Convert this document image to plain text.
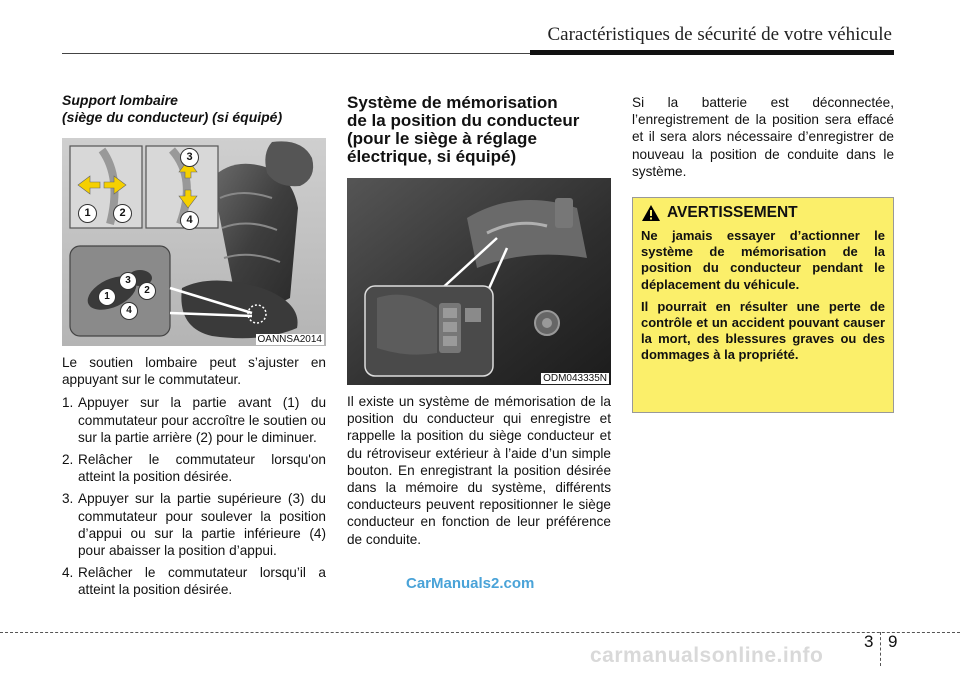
Caractéristiques de sécurité de votre véhicule
Support lombaire
(siège du conducteur) (si équipé)
1	2
3
4
1
2
3
4
OANNSA2014

Le soutien lombaire peut s’ajuster en appuyant sur le commutateur.

1. Appuyer sur la partie avant (1) du commutateur pour accroître le soutien ou sur la partie arrière (2) pour le diminuer.
2. Relâcher le commutateur lorsqu'on atteint la position désirée.
3. Appuyer sur la partie supérieure (3) du commutateur pour soulever la position d’appui ou sur la partie inférieure (4) pour abaisser la position d’appui.
4. Relâcher le commutateur lorsqu’il a atteint la position désirée.
Système de mémorisation
de la position du conducteur
(pour le siège à réglage
électrique, si équipé)
ODM043335N

Il existe un système de mémorisation de la position du conducteur qui enregistre et rappelle la position du siège conducteur et du rétroviseur extérieur à l’aide d’un simple bouton. En enregistrant la position désirée dans la mémoire du système, différents conducteurs peuvent repositionner le siège conducteur en fonction de leur préférence de conduite.

Si la batterie est déconnectée, l’enregistrement de la position sera effacé et il sera alors nécessaire d’enregistrer de nouveau la position de conduite dans le système.

AVERTISSEMENT

Ne jamais essayer d’actionner le système de mémorisation de la position du conducteur pendant le déplacement du véhicule.

Il pourrait en résulter une perte de contrôle et un accident pouvant causer la mort, des blessures graves ou des dommages à la propriété.

CarManuals2.com
3 9
carmanualsonline.info
